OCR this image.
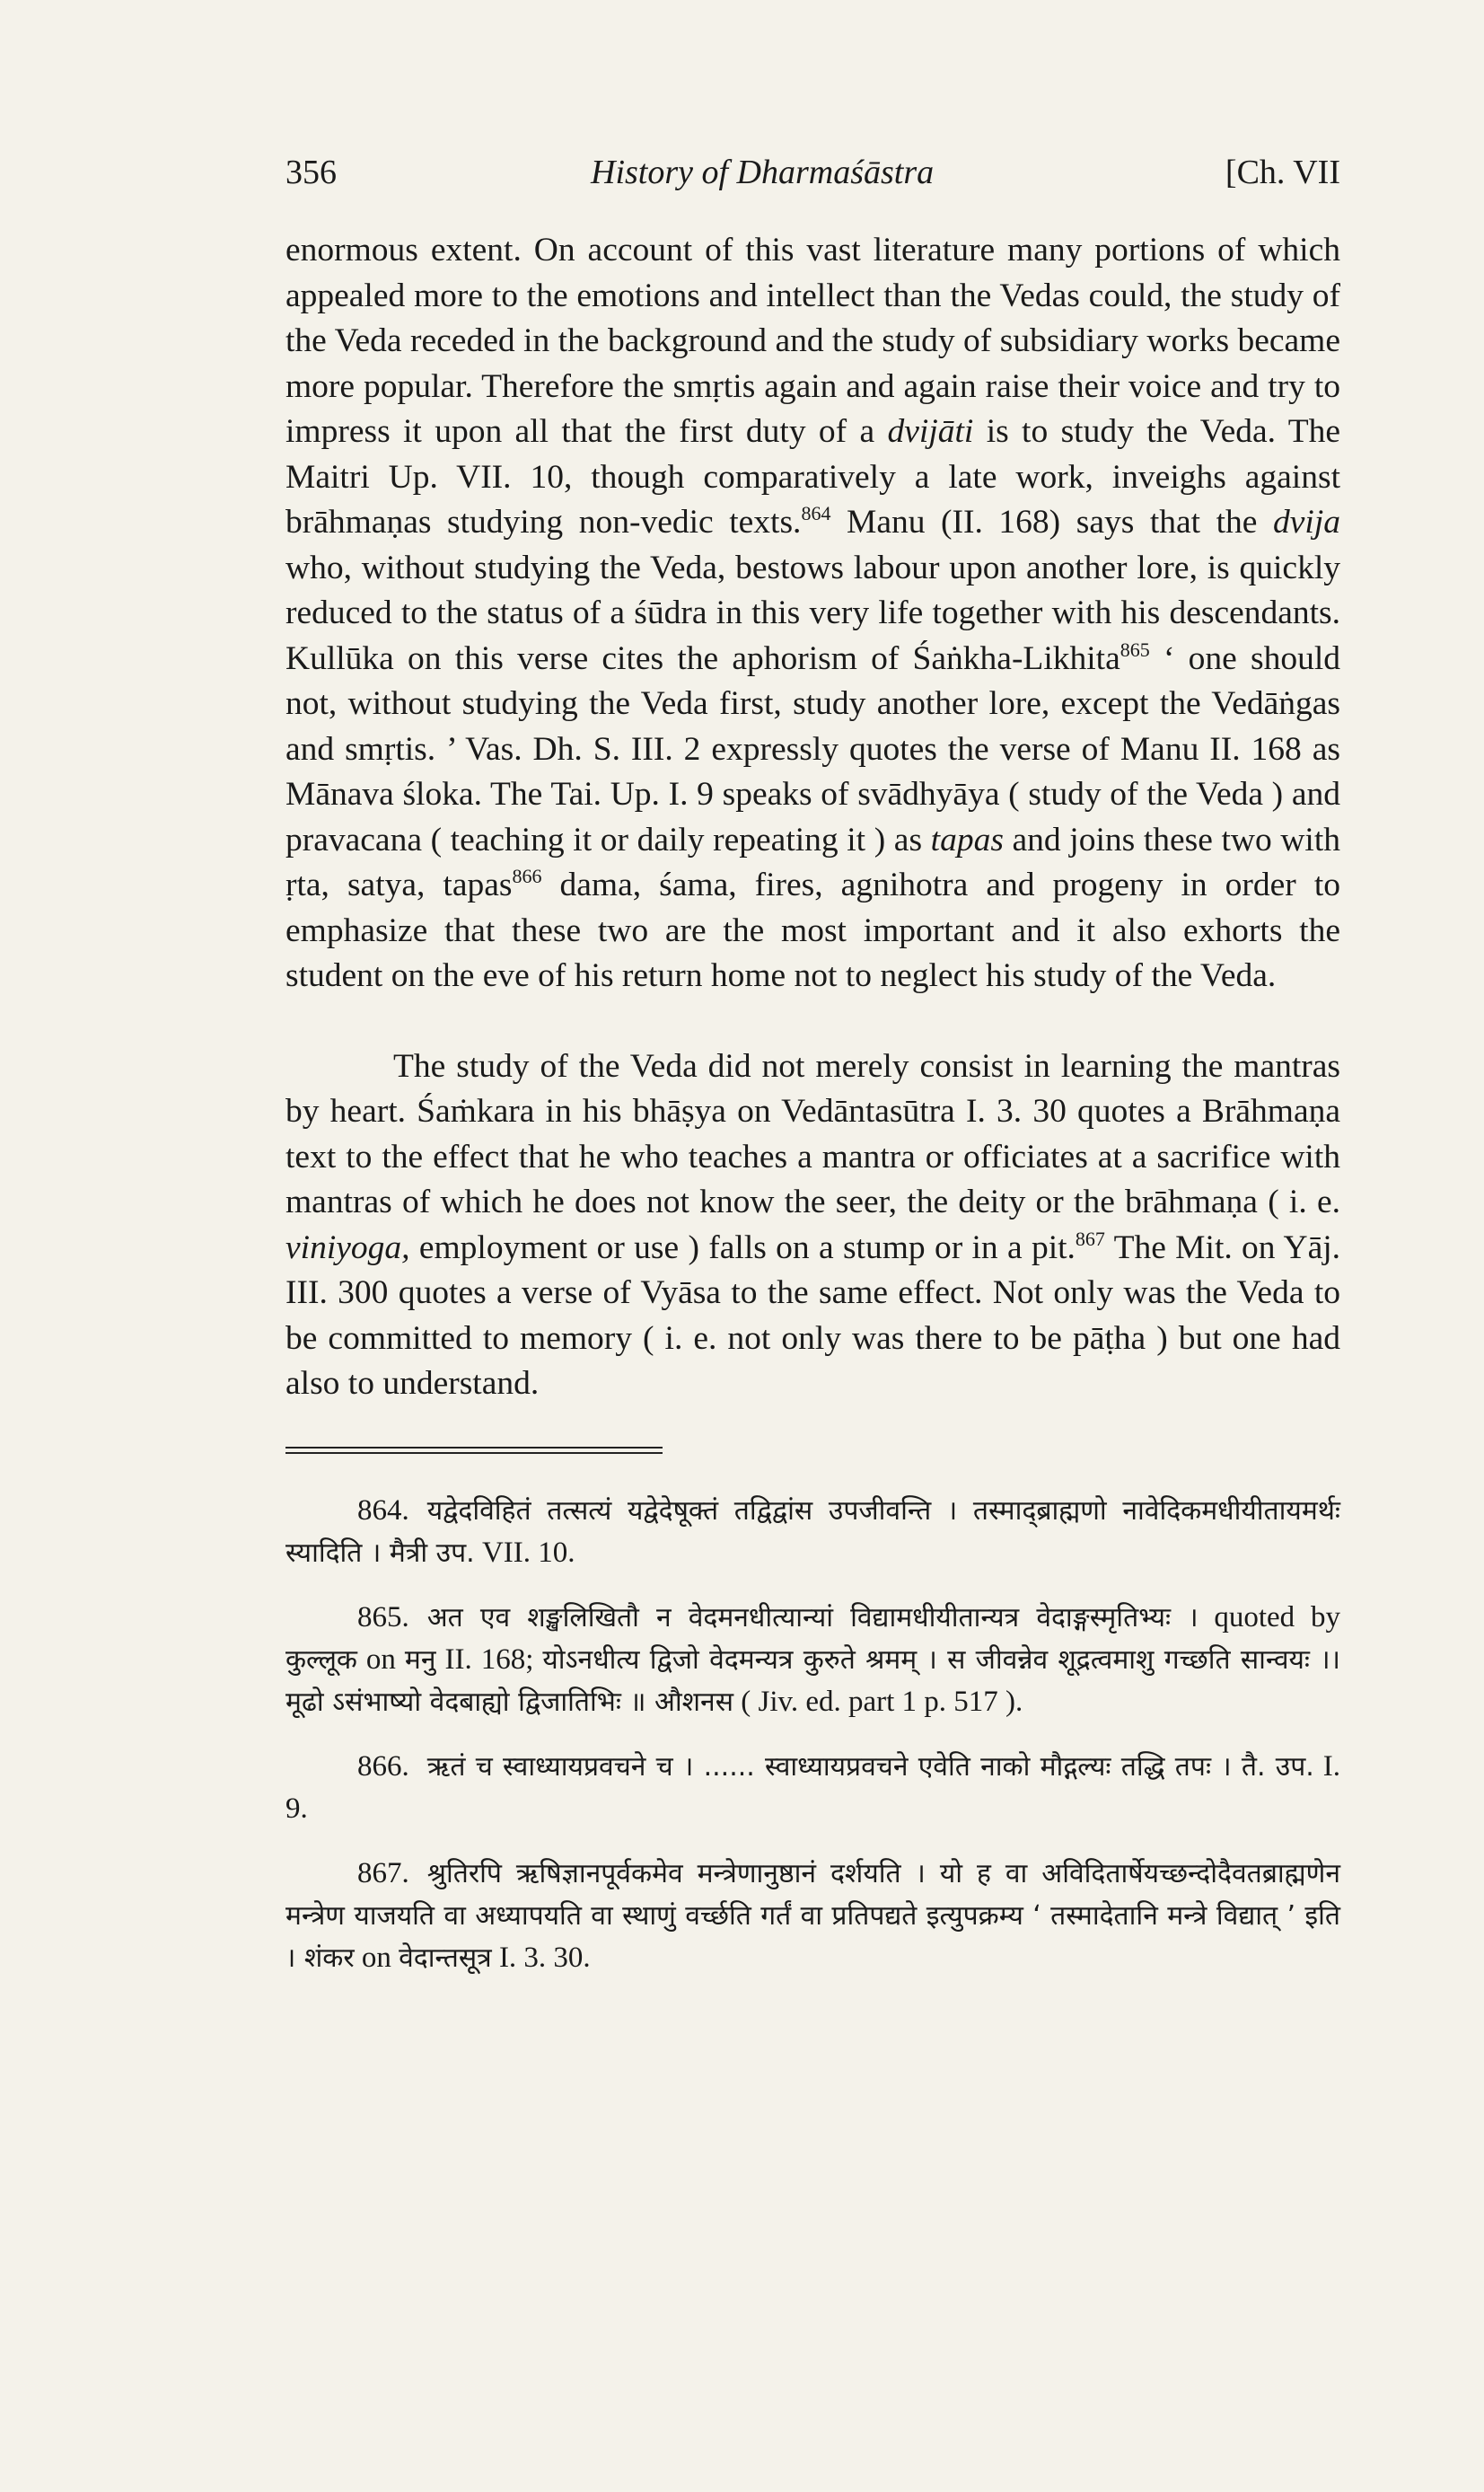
356	History of Dharmaśāstra	[Ch. VII

enormous extent. On account of this vast literature many portions of which appealed more to the emotions and intellect than the Vedas could, the study of the Veda receded in the background and the study of subsidiary works became more popular. Therefore the smṛtis again and again raise their voice and try to impress it upon all that the first duty of a dvijāti is to study the Veda. The Maitri Up. VII. 10, though comparatively a late work, inveighs against brāhmaṇas studying non-vedic texts.$^{864}$ Manu (II. 168) says that the dvija who, without studying the Veda, bestows labour upon another lore, is quickly reduced to the status of a śūdra in this very life together with his descendants. Kullūka on this verse cites the aphorism of Śaṅkha-Likhita$^{865}$ ‘ one should not, without studying the Veda first, study another lore, except the Vedāṅgas and smṛtis. ’ Vas. Dh. S. III. 2 expressly quotes the verse of Manu II. 168 as Mānava śloka. The Tai. Up. I. 9 speaks of svādhyāya ( study of the Veda ) and pravacana ( teaching it or daily repeating it ) as tapas and joins these two with ṛta, satya, tapas$^{866}$ dama, śama, fires, agnihotra and progeny in order to emphasize that these two are the most important and it also exhorts the student on the eve of his return home not to neglect his study of the Veda.

The study of the Veda did not merely consist in learning the mantras by heart. Śaṁkara in his bhāṣya on Vedāntasūtra I. 3. 30 quotes a Brāhmaṇa text to the effect that he who teaches a mantra or officiates at a sacrifice with mantras of which he does not know the seer, the deity or the brāhmaṇa ( i. e. viniyoga, employment or use ) falls on a stump or in a pit.$^{867}$ The Mit. on Yāj. III. 300 quotes a verse of Vyāsa to the same effect. Not only was the Veda to be committed to memory ( i. e. not only was there to be pāṭha ) but one had also to understand.

864. यद्वेदविहितं तत्सत्यं यद्वेदेषूक्तं तद्विद्वांस उपजीवन्ति । तस्माद्ब्राह्मणो नावेदिकमधीयीतायमर्थः स्यादिति । मैत्री उप. VII. 10.

865. अत एव शङ्खलिखितौ न वेदमनधीत्यान्यां विद्यामधीयीतान्यत्र वेदाङ्गस्मृतिभ्यः । quoted by कुल्लूक on मनु II. 168; योऽनधीत्य द्विजो वेदमन्यत्र कुरुते श्रमम् । स जीवन्नेव शूद्रत्वमाशु गच्छति सान्वयः ।। मूढो ऽसंभाष्यो वेदबाह्यो द्विजातिभिः ॥ औशनस ( Jiv. ed. part 1 p. 517 ).

866. ऋतं च स्वाध्यायप्रवचने च । ...... स्वाध्यायप्रवचने एवेति नाको मौद्गल्यः तद्धि तपः । तै. उप. I. 9.

867. श्रुतिरपि ऋषिज्ञानपूर्वकमेव मन्त्रेणानुष्ठानं दर्शयति । यो ह वा अविदितार्षेयच्छन्दोदैवतब्राह्मणेन मन्त्रेण याजयति वा अध्यापयति वा स्थाणुं वर्च्छति गर्तं वा प्रतिपद्यते इत्युपक्रम्य ‘ तस्मादेतानि मन्त्रे विद्यात् ’ इति । शंकर on वेदान्तसूत्र I. 3. 30.
